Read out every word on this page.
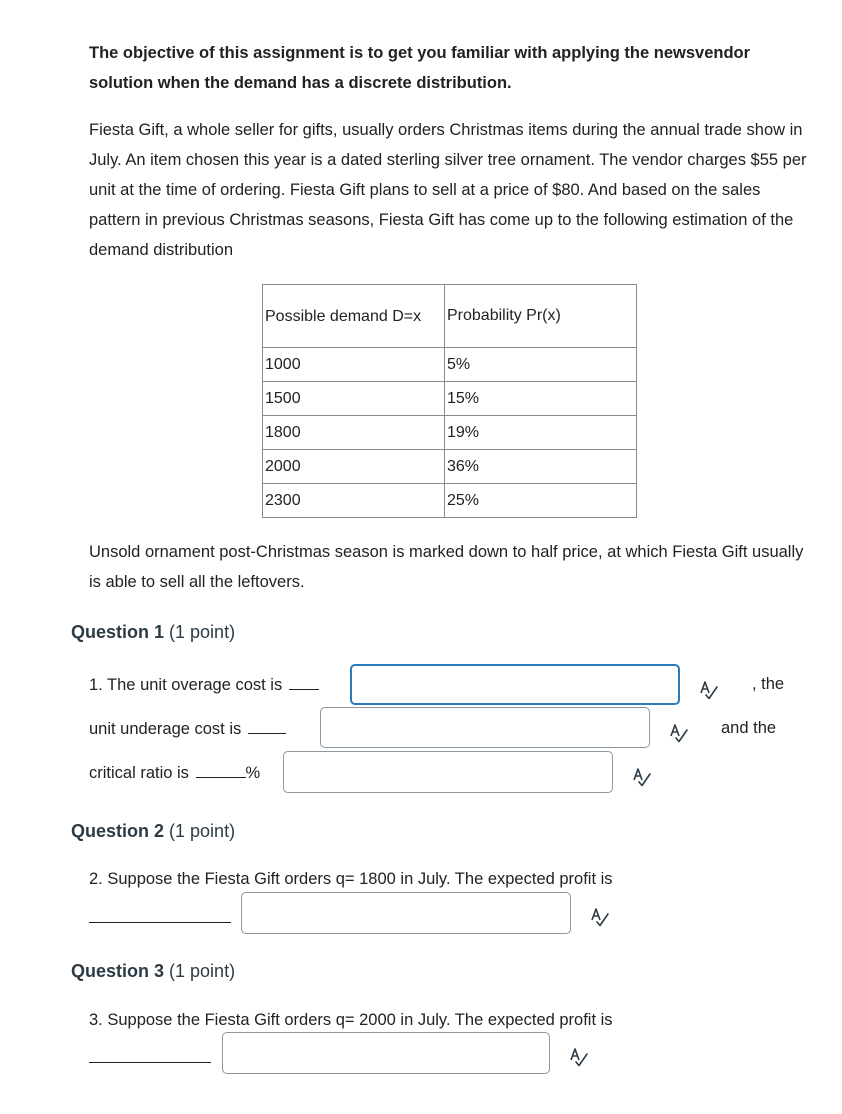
The objective of this assignment is to get you familiar with applying the newsvendor solution when the demand has a discrete distribution.
Fiesta Gift, a whole seller for gifts, usually orders Christmas items during the annual trade show in July. An item chosen this year is a dated sterling silver tree ornament. The vendor charges $55 per unit at the time of ordering. Fiesta Gift plans to sell at a price of $80. And based on the sales pattern in previous Christmas seasons, Fiesta Gift has come up to the following estimation of the demand distribution
Possible demand D=x	Probability Pr(x)
1000	5%
1500	15%
1800	19%
2000	36%
2300	25%
Unsold ornament post-Christmas season is marked down to half price, at which Fiesta Gift usually is able to sell all the leftovers.
Question 1 (1 point)
1. The unit overage cost is	, the
unit underage cost is	and the
critical ratio is	%
Question 2 (1 point)
2. Suppose the Fiesta Gift orders q= 1800 in July. The expected profit is
Question 3 (1 point)
3. Suppose the Fiesta Gift orders q= 2000 in July. The expected profit is
